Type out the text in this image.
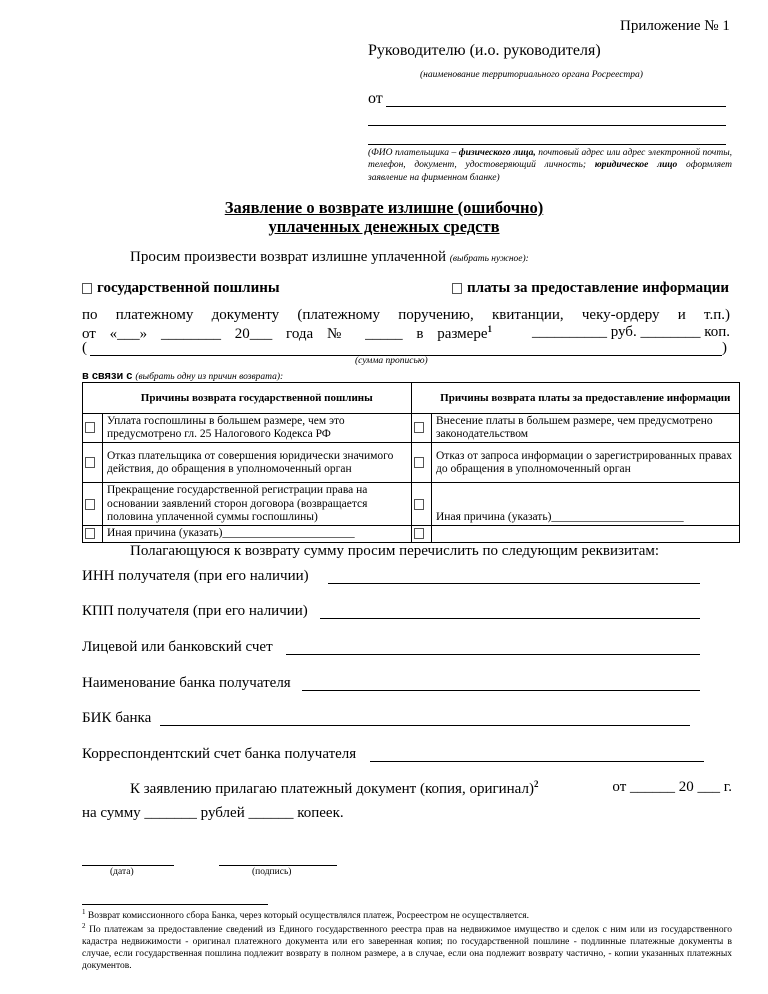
Приложение № 1
Руководителю (и.о. руководителя)
(наименование территориального органа Росреестра)
от
(ФИО плательщика – физического лица, почтовый адрес или адрес электронной почты, телефон, документ, удостоверяющий личность; юридическое лицо оформляет заявление на фирменном бланке)
Заявление о возврате излишне (ошибочно)
уплаченных денежных средств
Просим произвести возврат излишне уплаченной (выбрать нужное):
государственной пошлины	платы за предоставление информации
по платежному документу (платежному поручению, квитанции, чеку-ордеру и т.п.)
от «___» ________ 20___ года № _____ в размере$^1$	__________ руб. ________ коп.
(	)
(сумма прописью)
в связи с (выбрать одну из причин возврата):
	Причины возврата государственной пошлины		Причины возврата платы за предоставление информации
	Уплата госпошлины в большем размере, чем это предусмотрено гл. 25 Налогового Кодекса РФ		Внесение платы в большем размере, чем предусмотрено законодательством
	Отказ плательщика от совершения юридически значимого действия, до обращения в уполномоченный орган		Отказ от запроса информации о зарегистрированных правах до обращения в уполномоченный орган
	Прекращение государственной регистрации права на основании заявлений сторон договора (возвращается половина уплаченной суммы госпошлины)		Иная причина (указать)_______________________
	Иная причина (указать)_______________________		
Полагающуюся к возврату сумму просим перечислить по следующим реквизитам:
ИНН получателя (при его наличии)
КПП получателя (при его наличии)
Лицевой или банковский счет
Наименование банка получателя
БИК банка
Корреспондентский счет банка получателя
К заявлению прилагаю платежный документ (копия, оригинал)$^2$	от ______ 20 ___ г.
на сумму _______ рублей ______ копеек.
(дата)	(подпись)
$^1$ Возврат комиссионного сбора Банка, через который осуществлялся платеж, Росреестром не осуществляется.
$^2$ По платежам за предоставление сведений из Единого государственного реестра прав на недвижимое имущество и сделок с ним или из государственного кадастра недвижимости - оригинал платежного документа или его заверенная копия; по государственной пошлине - подлинные платежные документы в случае, если государственная пошлина подлежит возврату в полном размере, а в случае, если она подлежит возврату частично, - копии указанных платежных документов.
